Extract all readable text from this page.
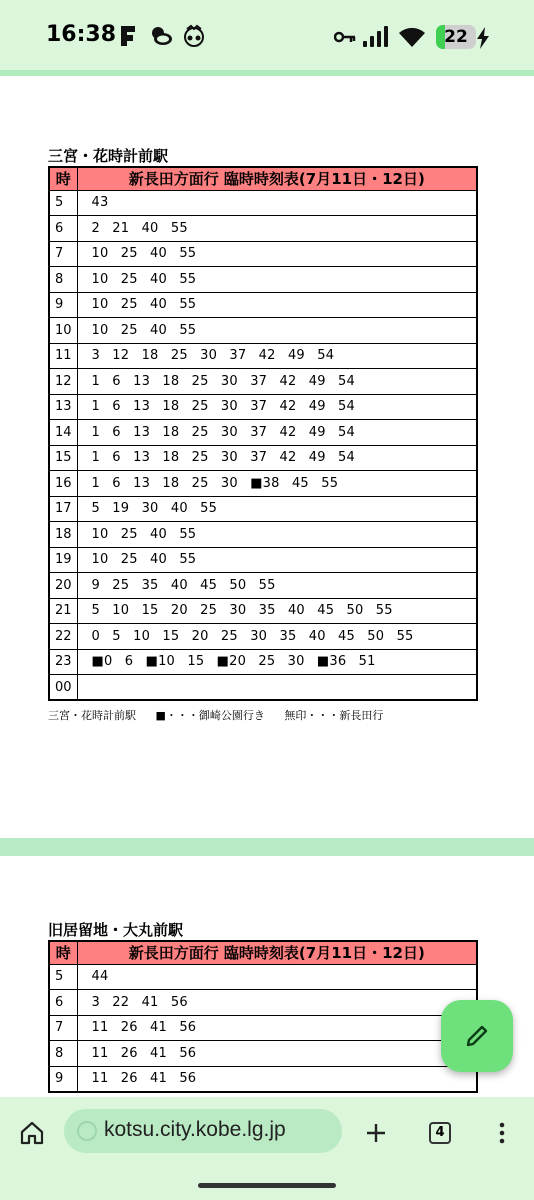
16:38	22
三宮・花時計前駅
時	新長田方面行 臨時時刻表(7月11日・12日)
5	43
6	2 21 40 55
7	10 25 40 55
8	10 25 40 55
9	10 25 40 55
10	10 25 40 55
11	3 12 18 25 30 37 42 49 54
12	1 6 13 18 25 30 37 42 49 54
13	1 6 13 18 25 30 37 42 49 54
14	1 6 13 18 25 30 37 42 49 54
15	1 6 13 18 25 30 37 42 49 54
16	1 6 13 18 25 30 ■38 45 55
17	5 19 30 40 55
18	10 25 40 55
19	10 25 40 55
20	9 25 35 40 45 50 55
21	5 10 15 20 25 30 35 40 45 50 55
22	0 5 10 15 20 25 30 35 40 45 50 55
23	■0 6 ■10 15 ■20 25 30 ■36 51
00	
三宮・花時計前駅 ■・・・御崎公園行き 無印・・・新長田行
旧居留地・大丸前駅
時	新長田方面行 臨時時刻表(7月11日・12日)
5	44
6	3 22 41 56
7	11 26 41 56
8	11 26 41 56
9	11 26 41 56
kotsu.city.kobe.lg.jp	4
